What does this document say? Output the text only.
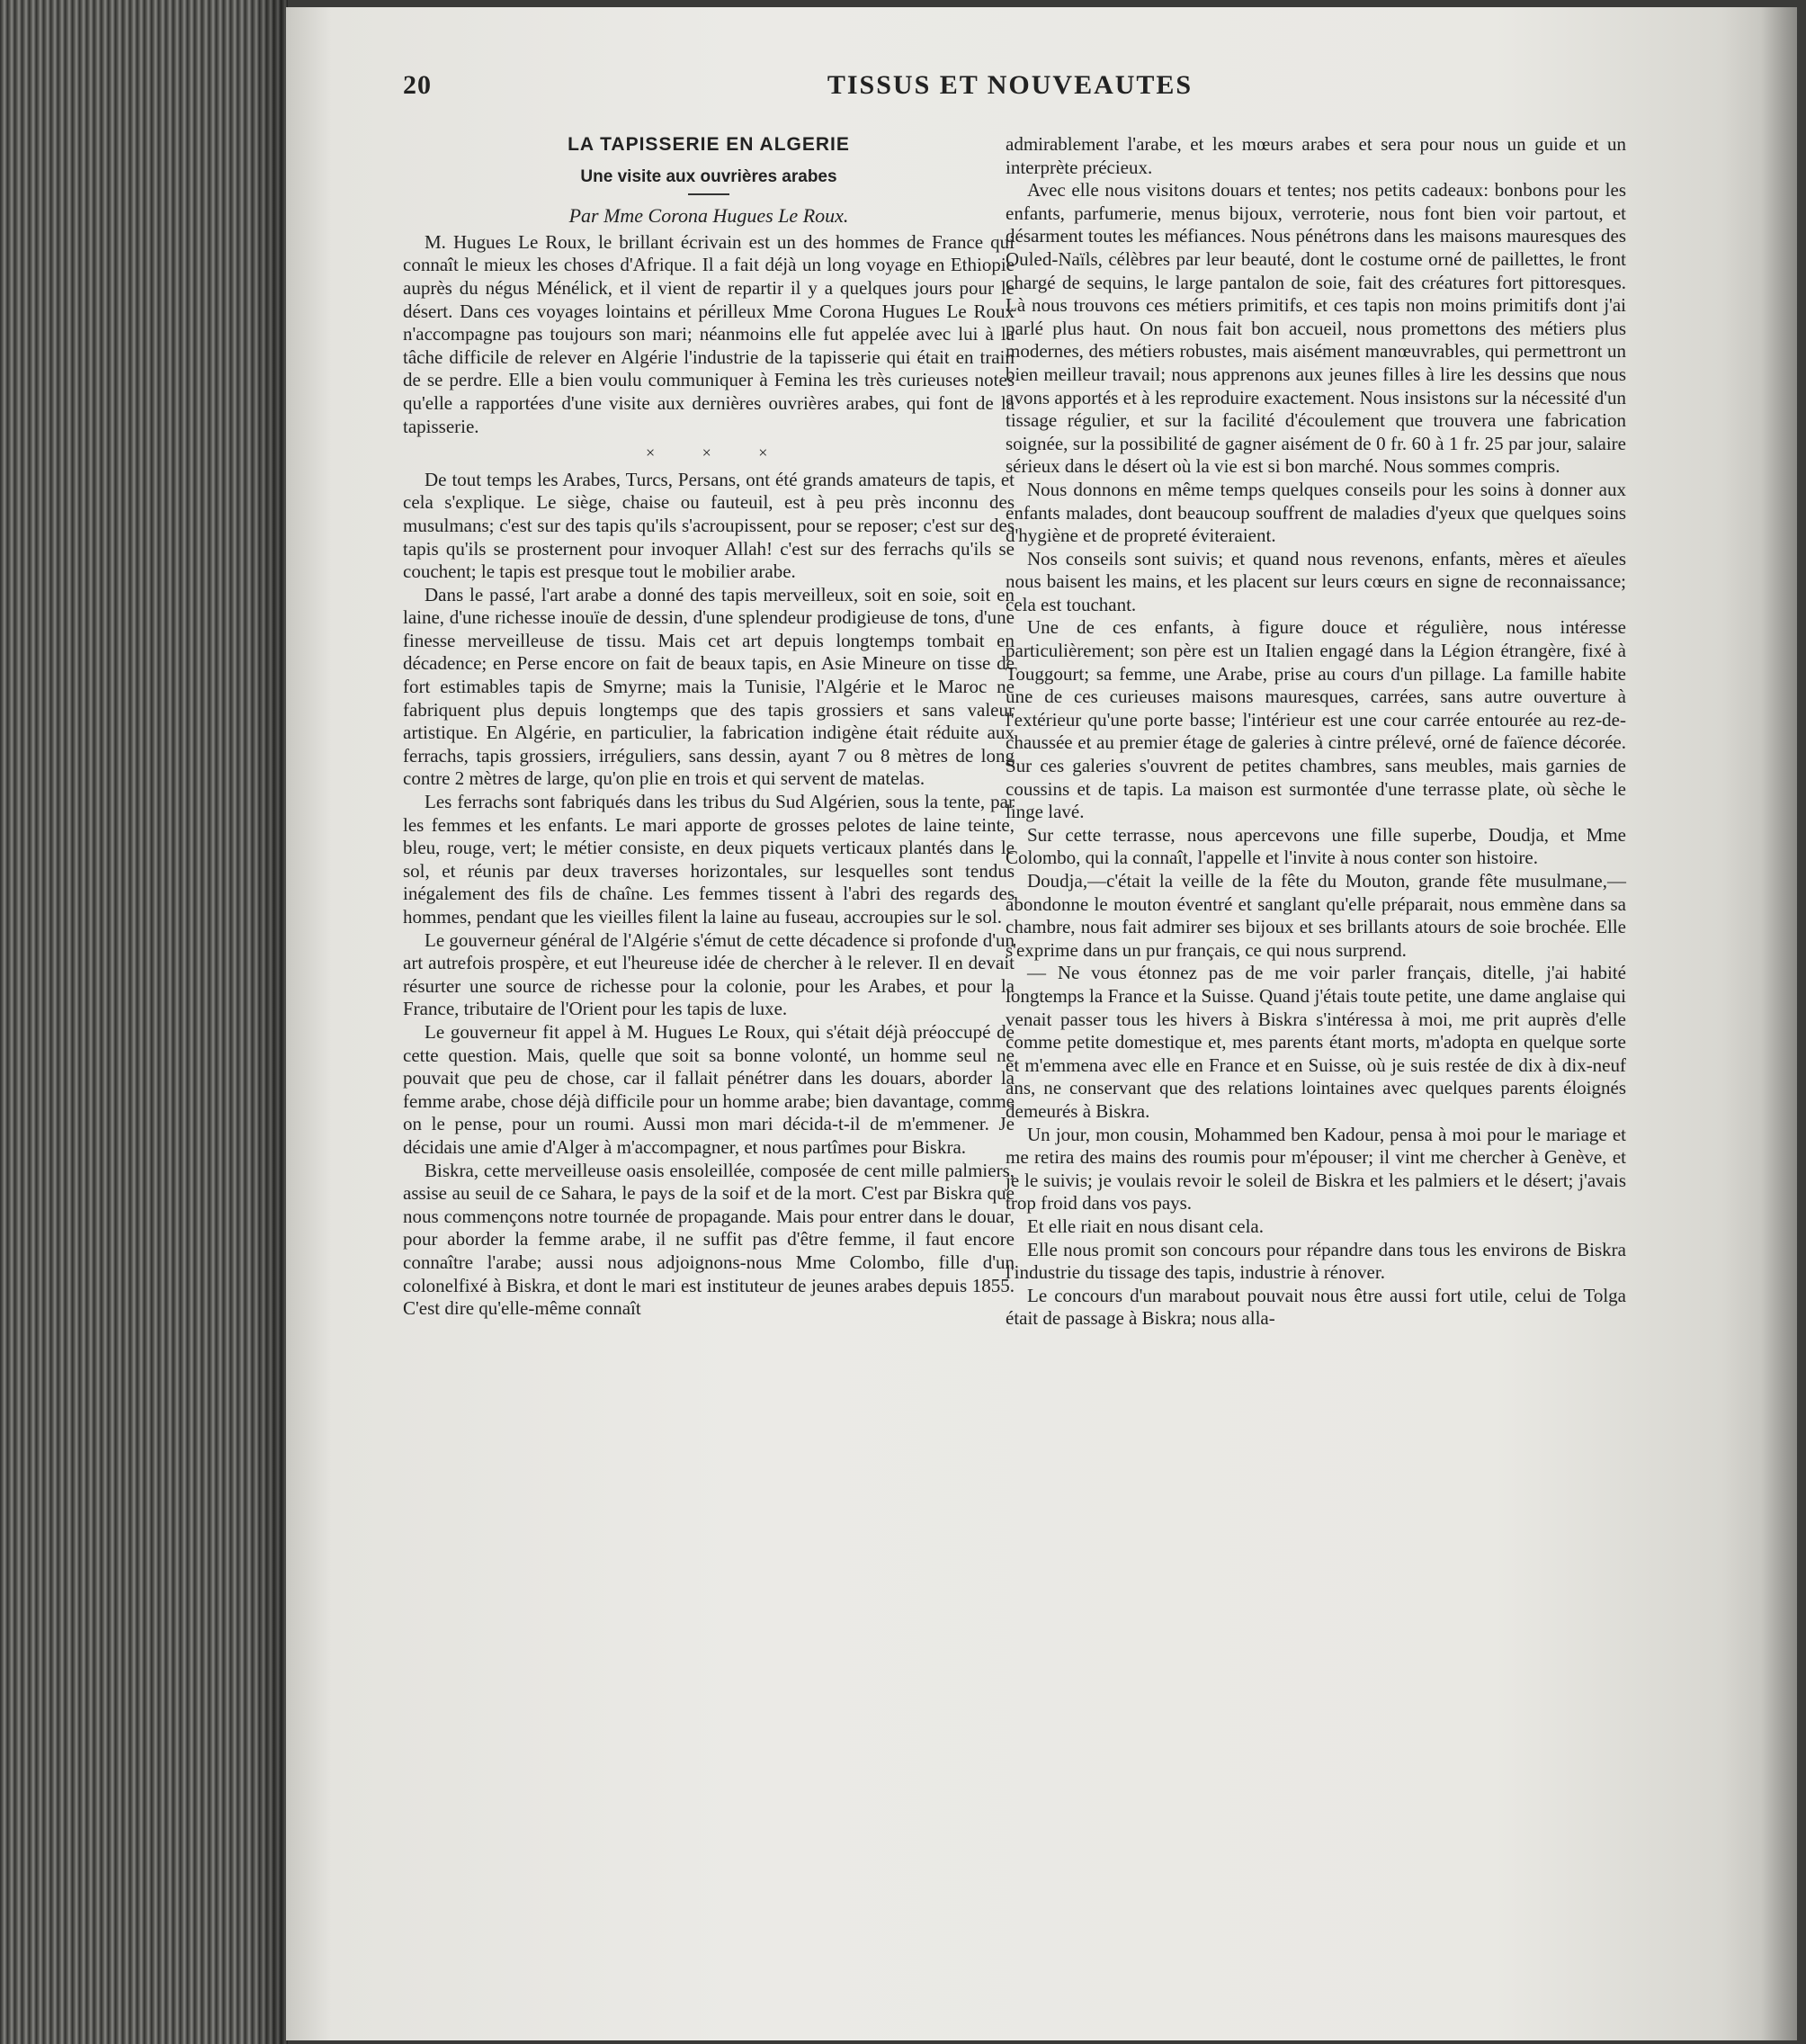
20	TISSUS ET NOUVEAUTES
LA TAPISSERIE EN ALGERIE
Une visite aux ouvrières arabes
Par Mme Corona Hugues Le Roux.

M. Hugues Le Roux, le brillant écrivain est un des hommes de France qui connaît le mieux les choses d'Afrique. Il a fait déjà un long voyage en Ethiopie auprès du négus Ménélick, et il vient de repartir il y a quelques jours pour le désert. Dans ces voyages lointains et périlleux Mme Corona Hugues Le Roux n'accompagne pas toujours son mari; néanmoins elle fut appelée avec lui à la tâche difficile de relever en Algérie l'industrie de la tapisserie qui était en train de se perdre. Elle a bien voulu communiquer à Femina les très curieuses notes qu'elle a rapportées d'une visite aux dernières ouvrières arabes, qui font de la tapisserie.

× × ×

De tout temps les Arabes, Turcs, Persans, ont été grands amateurs de tapis, et cela s'explique. Le siège, chaise ou fauteuil, est à peu près inconnu des musulmans; c'est sur des tapis qu'ils s'acroupissent, pour se reposer; c'est sur des tapis qu'ils se prosternent pour invoquer Allah! c'est sur des ferrachs qu'ils se couchent; le tapis est presque tout le mobilier arabe.

Dans le passé, l'art arabe a donné des tapis merveilleux, soit en soie, soit en laine, d'une richesse inouïe de dessin, d'une splendeur prodigieuse de tons, d'une finesse merveilleuse de tissu. Mais cet art depuis longtemps tombait en décadence; en Perse encore on fait de beaux tapis, en Asie Mineure on tisse de fort estimables tapis de Smyrne; mais la Tunisie, l'Algérie et le Maroc ne fabriquent plus depuis longtemps que des tapis grossiers et sans valeur artistique. En Algérie, en particulier, la fabrication indigène était réduite aux ferrachs, tapis grossiers, irréguliers, sans dessin, ayant 7 ou 8 mètres de long contre 2 mètres de large, qu'on plie en trois et qui servent de matelas.

Les ferrachs sont fabriqués dans les tribus du Sud Algérien, sous la tente, par les femmes et les enfants. Le mari apporte de grosses pelotes de laine teinte, bleu, rouge, vert; le métier consiste, en deux piquets verticaux plantés dans le sol, et réunis par deux traverses horizontales, sur lesquelles sont tendus inégalement des fils de chaîne. Les femmes tissent à l'abri des regards des hommes, pendant que les vieilles filent la laine au fuseau, accroupies sur le sol.

Le gouverneur général de l'Algérie s'émut de cette décadence si profonde d'un art autrefois prospère, et eut l'heureuse idée de chercher à le relever. Il en devait résurter une source de richesse pour la colonie, pour les Arabes, et pour la France, tributaire de l'Orient pour les tapis de luxe.

Le gouverneur fit appel à M. Hugues Le Roux, qui s'était déjà préoccupé de cette question. Mais, quelle que soit sa bonne volonté, un homme seul ne pouvait que peu de chose, car il fallait pénétrer dans les douars, aborder la femme arabe, chose déjà difficile pour un homme arabe; bien davantage, comme on le pense, pour un roumi. Aussi mon mari décida-t-il de m'emmener. Je décidais une amie d'Alger à m'accompagner, et nous partîmes pour Biskra.

Biskra, cette merveilleuse oasis ensoleillée, composée de cent mille palmiers, assise au seuil de ce Sahara, le pays de la soif et de la mort. C'est par Biskra que nous commençons notre tournée de propagande. Mais pour entrer dans le douar, pour aborder la femme arabe, il ne suffit pas d'être femme, il faut encore connaître l'arabe; aussi nous adjoignons-nous Mme Colombo, fille d'un colonelfixé à Biskra, et dont le mari est instituteur de jeunes arabes depuis 1855. C'est dire qu'elle-même connaît

admirablement l'arabe, et les mœurs arabes et sera pour nous un guide et un interprète précieux.

Avec elle nous visitons douars et tentes; nos petits cadeaux: bonbons pour les enfants, parfumerie, menus bijoux, verroterie, nous font bien voir partout, et désarment toutes les méfiances. Nous pénétrons dans les maisons mauresques des Ouled-Naïls, célèbres par leur beauté, dont le costume orné de paillettes, le front chargé de sequins, le large pantalon de soie, fait des créatures fort pittoresques. Là nous trouvons ces métiers primitifs, et ces tapis non moins primitifs dont j'ai parlé plus haut. On nous fait bon accueil, nous promettons des métiers plus modernes, des métiers robustes, mais aisément manœuvrables, qui permettront un bien meilleur travail; nous apprenons aux jeunes filles à lire les dessins que nous avons apportés et à les reproduire exactement. Nous insistons sur la nécessité d'un tissage régulier, et sur la facilité d'écoulement que trouvera une fabrication soignée, sur la possibilité de gagner aisément de 0 fr. 60 à 1 fr. 25 par jour, salaire sérieux dans le désert où la vie est si bon marché. Nous sommes compris.

Nous donnons en même temps quelques conseils pour les soins à donner aux enfants malades, dont beaucoup souffrent de maladies d'yeux que quelques soins d'hygiène et de propreté éviteraient.

Nos conseils sont suivis; et quand nous revenons, enfants, mères et aïeules nous baisent les mains, et les placent sur leurs cœurs en signe de reconnaissance; cela est touchant.

Une de ces enfants, à figure douce et régulière, nous intéresse particulièrement; son père est un Italien engagé dans la Légion étrangère, fixé à Touggourt; sa femme, une Arabe, prise au cours d'un pillage. La famille habite une de ces curieuses maisons mauresques, carrées, sans autre ouverture à l'extérieur qu'une porte basse; l'intérieur est une cour carrée entourée au rez-de-chaussée et au premier étage de galeries à cintre prélevé, orné de faïence décorée. Sur ces galeries s'ouvrent de petites chambres, sans meubles, mais garnies de coussins et de tapis. La maison est surmontée d'une terrasse plate, où sèche le linge lavé.

Sur cette terrasse, nous apercevons une fille superbe, Doudja, et Mme Colombo, qui la connaît, l'appelle et l'invite à nous conter son histoire.

Doudja,—c'était la veille de la fête du Mouton, grande fête musulmane,—abondonne le mouton éventré et sanglant qu'elle préparait, nous emmène dans sa chambre, nous fait admirer ses bijoux et ses brillants atours de soie brochée. Elle s'exprime dans un pur français, ce qui nous surprend.

— Ne vous étonnez pas de me voir parler français, ditelle, j'ai habité longtemps la France et la Suisse. Quand j'étais toute petite, une dame anglaise qui venait passer tous les hivers à Biskra s'intéressa à moi, me prit auprès d'elle comme petite domestique et, mes parents étant morts, m'adopta en quelque sorte et m'emmena avec elle en France et en Suisse, où je suis restée de dix à dix-neuf ans, ne conservant que des relations lointaines avec quelques parents éloignés demeurés à Biskra.

Un jour, mon cousin, Mohammed ben Kadour, pensa à moi pour le mariage et me retira des mains des roumis pour m'épouser; il vint me chercher à Genève, et je le suivis; je voulais revoir le soleil de Biskra et les palmiers et le désert; j'avais trop froid dans vos pays.

Et elle riait en nous disant cela.

Elle nous promit son concours pour répandre dans tous les environs de Biskra l'industrie du tissage des tapis, industrie à rénover.

Le concours d'un marabout pouvait nous être aussi fort utile, celui de Tolga était de passage à Biskra; nous alla-
